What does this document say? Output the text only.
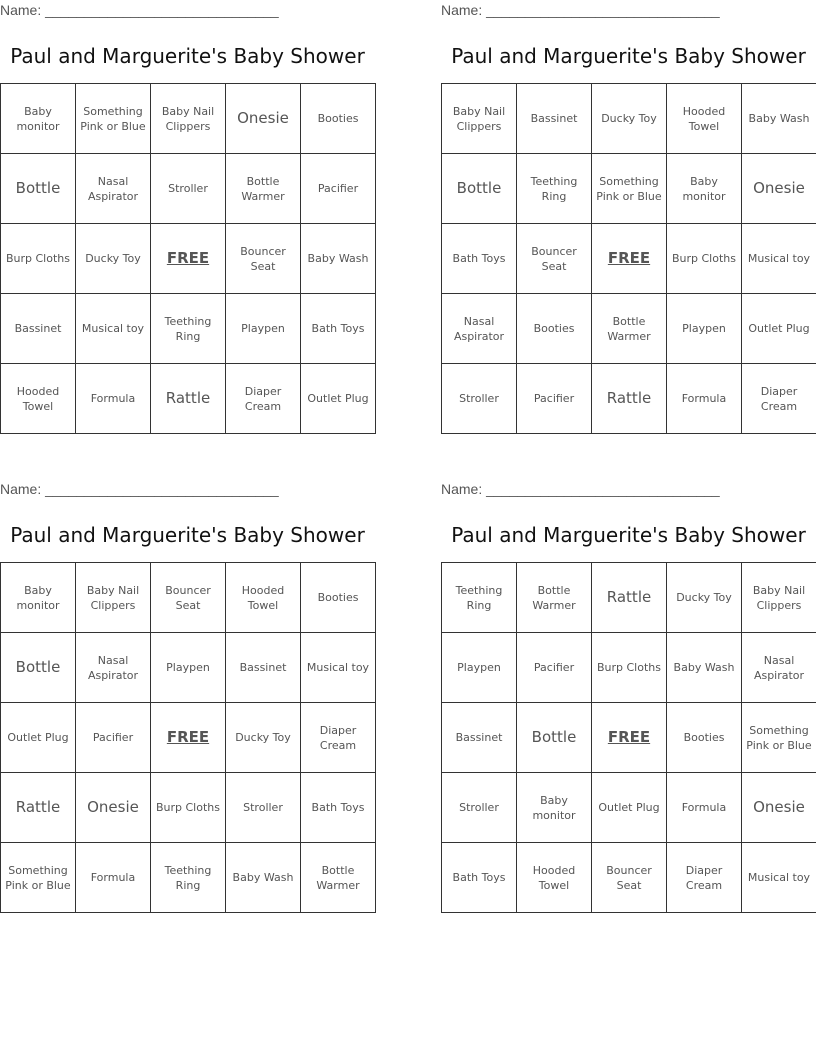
Name: ______________________________
Paul and Marguerite's Baby Shower
Baby monitor	Something Pink or Blue	Baby Nail Clippers	Onesie	Booties
Bottle	Nasal Aspirator	Stroller	Bottle Warmer	Pacifier
Burp Cloths	Ducky Toy	FREE	Bouncer Seat	Baby Wash
Bassinet	Musical toy	Teething Ring	Playpen	Bath Toys
Hooded Towel	Formula	Rattle	Diaper Cream	Outlet Plug
Name: ______________________________
Paul and Marguerite's Baby Shower
Baby Nail Clippers	Bassinet	Ducky Toy	Hooded Towel	Baby Wash
Bottle	Teething Ring	Something Pink or Blue	Baby monitor	Onesie
Bath Toys	Bouncer Seat	FREE	Burp Cloths	Musical toy
Nasal Aspirator	Booties	Bottle Warmer	Playpen	Outlet Plug
Stroller	Pacifier	Rattle	Formula	Diaper Cream
Name: ______________________________
Paul and Marguerite's Baby Shower
Baby monitor	Baby Nail Clippers	Bouncer Seat	Hooded Towel	Booties
Bottle	Nasal Aspirator	Playpen	Bassinet	Musical toy
Outlet Plug	Pacifier	FREE	Ducky Toy	Diaper Cream
Rattle	Onesie	Burp Cloths	Stroller	Bath Toys
Something Pink or Blue	Formula	Teething Ring	Baby Wash	Bottle Warmer
Name: ______________________________
Paul and Marguerite's Baby Shower
Teething Ring	Bottle Warmer	Rattle	Ducky Toy	Baby Nail Clippers
Playpen	Pacifier	Burp Cloths	Baby Wash	Nasal Aspirator
Bassinet	Bottle	FREE	Booties	Something Pink or Blue
Stroller	Baby monitor	Outlet Plug	Formula	Onesie
Bath Toys	Hooded Towel	Bouncer Seat	Diaper Cream	Musical toy
